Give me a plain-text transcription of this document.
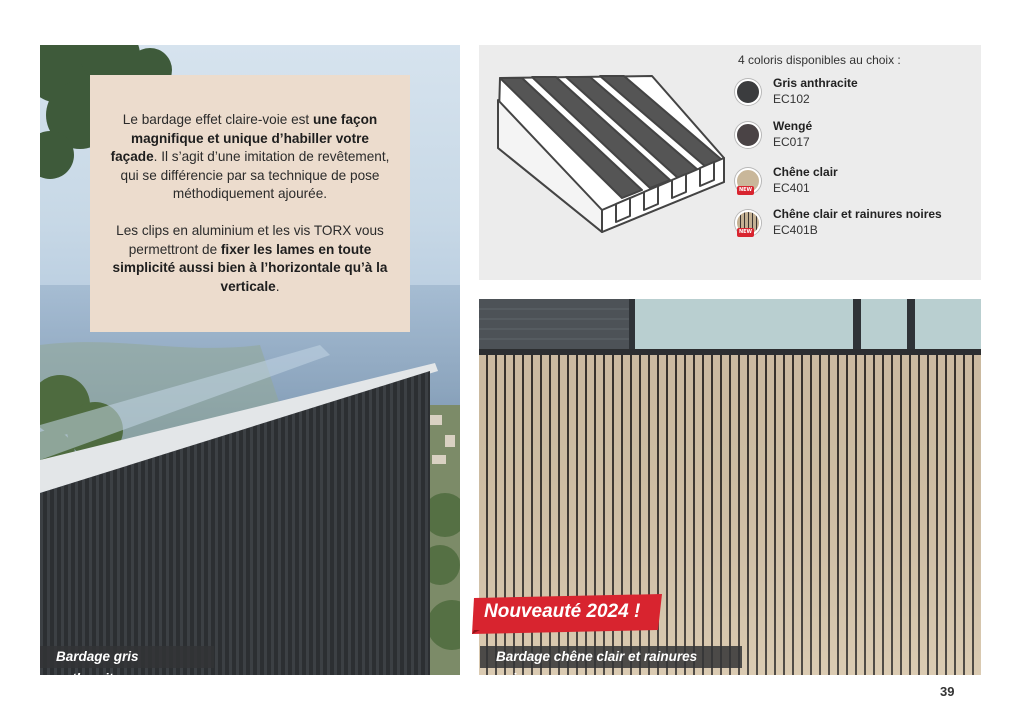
Le bardage effet claire-voie est une façon magnifique et unique d’habiller votre façade. Il s’agit d’une imitation de revêtement, qui se différencie par sa technique de pose méthodiquement ajourée.

Les clips en aluminium et les vis TORX vous permettront de fixer les lames en toute simplicité aussi bien à l’horizontale qu’à la verticale.

Bardage gris anthracite
4 coloris disponibles au choix :
Gris anthracite
EC102
Wengé
EC017
NEW
Chêne clair
EC401
NEW
Chêne clair et rainures noires
EC401B
Nouveauté 2024 !
Bardage chêne clair et rainures noires
39
